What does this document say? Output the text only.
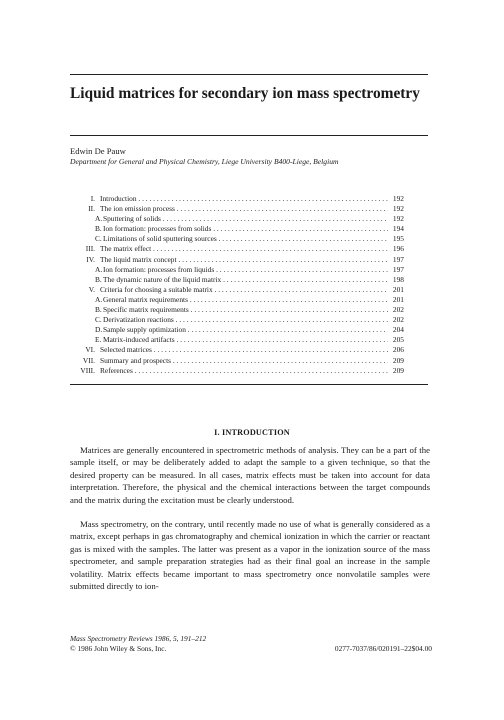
Liquid matrices for secondary ion mass spectrometry
Edwin De Pauw
Department for General and Physical Chemistry, Liege University B400-Liege, Belgium
I. Introduction . . .	192
II. The ion emission process . . .	192
A. Sputtering of solids . . .	192
B. Ion formation: processes from solids . . .	194
C. Limitations of solid sputtering sources . . .	195
III. The matrix effect . . .	196
IV. The liquid matrix concept . . .	197
A. Ion formation: processes from liquids . . .	197
B. The dynamic nature of the liquid matrix . . .	198
V. Criteria for choosing a suitable matrix . . .	201
A. General matrix requirements . . .	201
B. Specific matrix requirements . . .	202
C. Derivatization reactions . . .	202
D. Sample supply optimization . . .	204
E. Matrix-induced artifacts . . .	205
VI. Selected matrices . . .	206
VII. Summary and prospects . . .	209
VIII. References . . .	209
I. INTRODUCTION

Matrices are generally encountered in spectrometric methods of analysis. They can be a part of the sample itself, or may be deliberately added to adapt the sample to a given technique, so that the desired property can be measured. In all cases, matrix effects must be taken into account for data interpretation. Therefore, the physical and the chemical interactions between the target compounds and the matrix during the excitation must be clearly understood.

Mass spectrometry, on the contrary, until recently made no use of what is generally considered as a matrix, except perhaps in gas chromatography and chemical ionization in which the carrier or reactant gas is mixed with the samples. The latter was present as a vapor in the ionization source of the mass spectrometer, and sample preparation strategies had as their final goal an increase in the sample volatility. Matrix effects became important to mass spectrometry once nonvolatile samples were submitted directly to ion-

Mass Spectrometry Reviews 1986, 5, 191–212
© 1986 John Wiley & Sons, Inc.	0277-7037/86/020191–22$04.00
